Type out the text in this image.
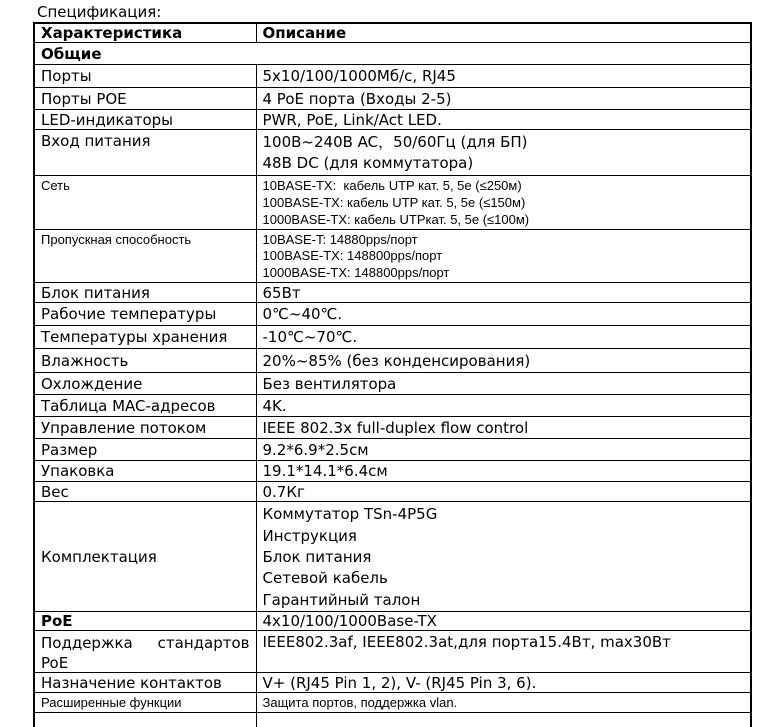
Спецификация:
Характеристика	Описание
Общие	
Порты	5x10/100/1000Мб/с, RJ45
Порты POE	4 PoE порта (Входы 2-5)
LED-индикаторы	PWR, PoE, Link/Act LED.
Вход питания	100В~240В AC，50/60Гц (для БП)
48В DC (для коммутатора)

Сеть	10BASE-TX:  кабель UTP кат. 5, 5e (≤250м)
100BASE-TX: кабель UTP кат. 5, 5e (≤150м)
1000BASE-TX: кабель UTPкат. 5, 5e (≤100м)

Пропускная способность	10BASE-T: 14880pps/порт
100BASE-TX: 148800pps/порт
1000BASE-TX: 148800pps/порт

Блок питания	65Вт
Рабочие температуры	0℃~40℃.
Температуры хранения	-10℃~70℃.
Влажность	20%~85% (без конденсирования)
Охлождение	Без вентилятора
Таблица MAC-адресов	4K.
Управление потоком	IEEE 802.3x full-duplex flow control
Размер	9.2*6.9*2.5см
Упаковка	19.1*14.1*6.4см
Вес	0.7Кг
Комплектация	Коммутатор TSn-4P5G
Инструкция
Блок питания
Сетевой кабель
Гарантийный талон

PoE	4x10/100/1000Base-TX

Поддержка стандартов
PoE	IEEE802.3af, IEEE802.3at,для порта15.4Вт, max30Вт
Назначение контактов	V+ (RJ45 Pin 1, 2), V- (RJ45 Pin 3, 6).
Расширенные функции	Защита портов, поддержка vlan.
